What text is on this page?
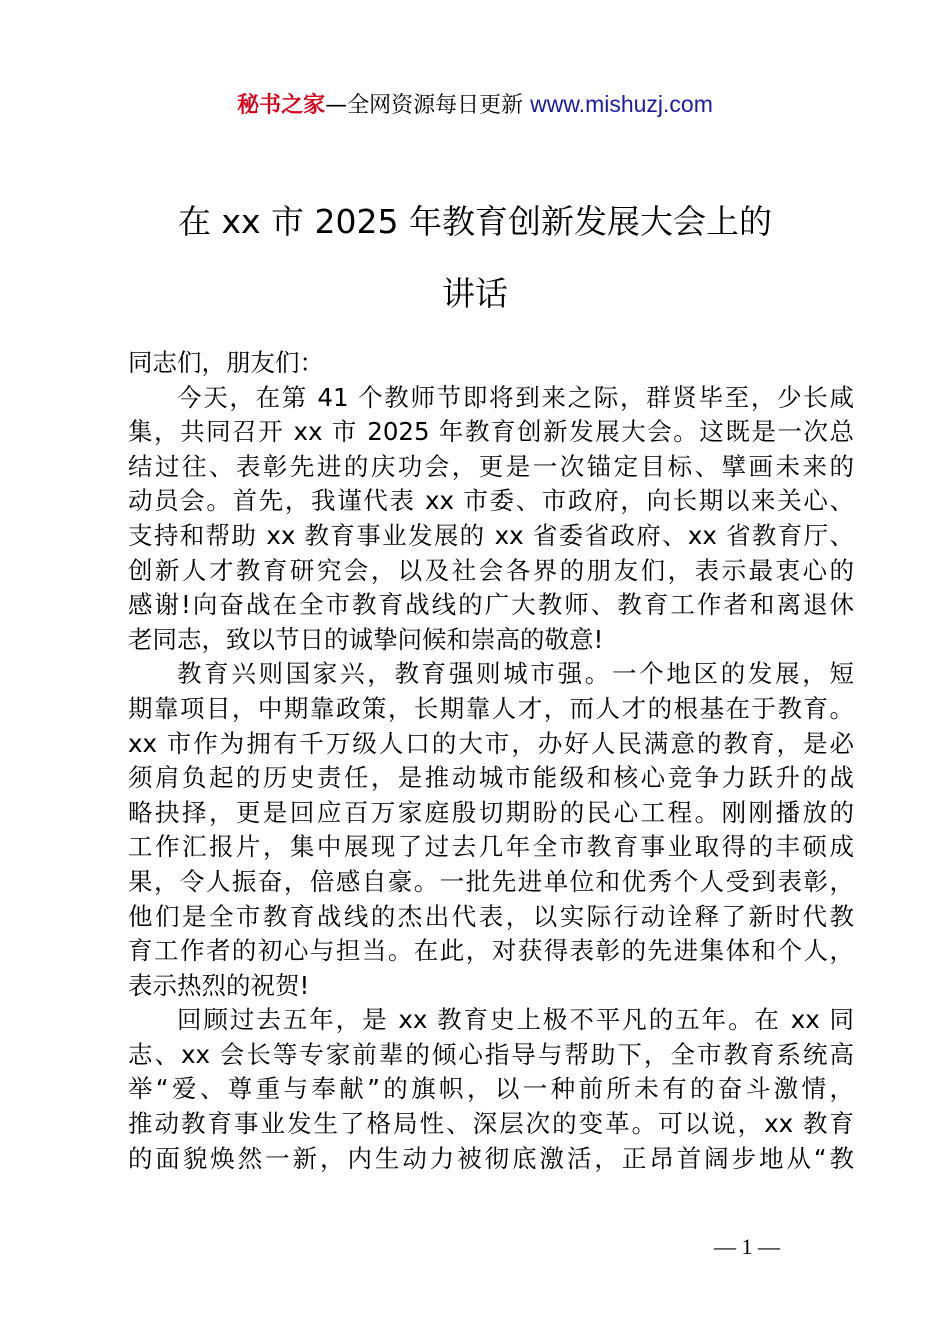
秘书之家—全网资源每日更新 www.mishuzj.com
在 xx 市 2025 年教育创新发展大会上的
讲话
同志们，朋友们：
今天，在第 41 个教师节即将到来之际，群贤毕至，少长咸
集，共同召开 xx 市 2025 年教育创新发展大会。这既是一次总
结过往、表彰先进的庆功会，更是一次锚定目标、擘画未来的
动员会。首先，我谨代表 xx 市委、市政府，向长期以来关心、
支持和帮助 xx 教育事业发展的 xx 省委省政府、xx 省教育厅、
创新人才教育研究会，以及社会各界的朋友们，表示最衷心的
感谢!向奋战在全市教育战线的广大教师、教育工作者和离退休
老同志，致以节日的诚挚问候和崇高的敬意!
教育兴则国家兴，教育强则城市强。一个地区的发展，短
期靠项目，中期靠政策，长期靠人才，而人才的根基在于教育。
xx 市作为拥有千万级人口的大市，办好人民满意的教育，是必
须肩负起的历史责任，是推动城市能级和核心竞争力跃升的战
略抉择，更是回应百万家庭殷切期盼的民心工程。刚刚播放的
工作汇报片，集中展现了过去几年全市教育事业取得的丰硕成
果，令人振奋，倍感自豪。一批先进单位和优秀个人受到表彰，
他们是全市教育战线的杰出代表，以实际行动诠释了新时代教
育工作者的初心与担当。在此，对获得表彰的先进集体和个人，
表示热烈的祝贺!
回顾过去五年，是 xx 教育史上极不平凡的五年。在 xx 同
志、xx 会长等专家前辈的倾心指导与帮助下，全市教育系统高
举“爱、尊重与奉献”的旗帜，以一种前所未有的奋斗激情，
推动教育事业发生了格局性、深层次的变革。可以说，xx 教育
的面貌焕然一新，内生动力被彻底激活，正昂首阔步地从“教
— 1 —
